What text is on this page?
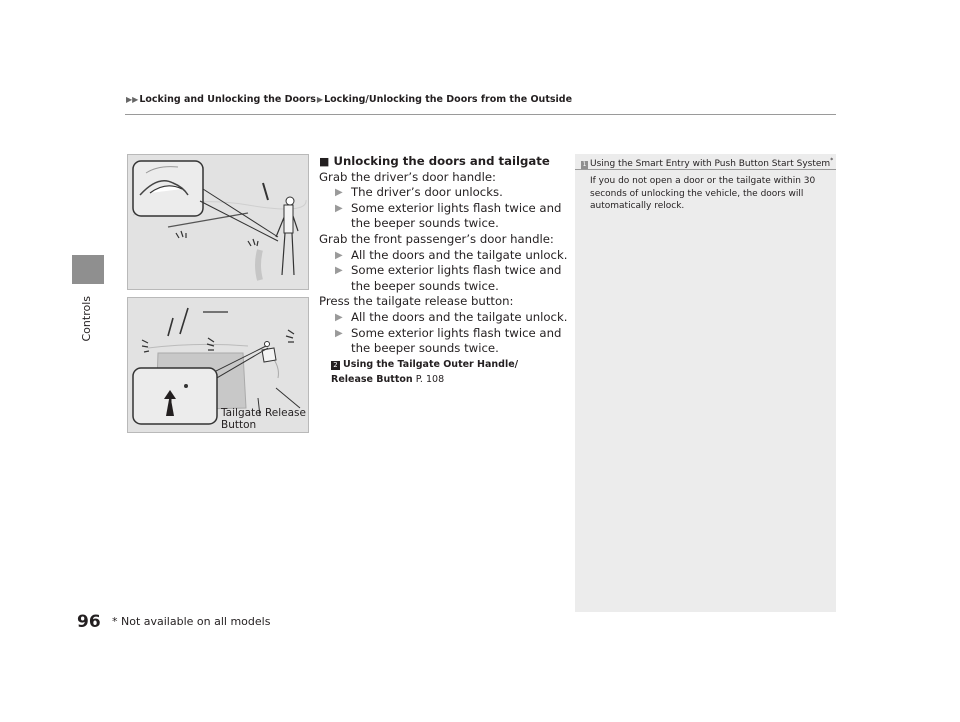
▶▶Locking and Unlocking the Doors▶Locking/Unlocking the Doors from the Outside
Controls
Tailgate Release
Button
■ Unlocking the doors and tailgate
Grab the driver’s door handle:
▶ The driver’s door unlocks.
▶ Some exterior lights flash twice and the beeper sounds twice.
Grab the front passenger’s door handle:
▶ All the doors and the tailgate unlock.
▶ Some exterior lights flash twice and the beeper sounds twice.
Press the tailgate release button:
▶ All the doors and the tailgate unlock.
▶ Some exterior lights flash twice and the beeper sounds twice.
2 Using the Tailgate Outer Handle/
Release Button P. 108
1 Using the Smart Entry with Push Button Start System*
If you do not open a door or the tailgate within 30 seconds of unlocking the vehicle, the doors will automatically relock.
96 * Not available on all models
